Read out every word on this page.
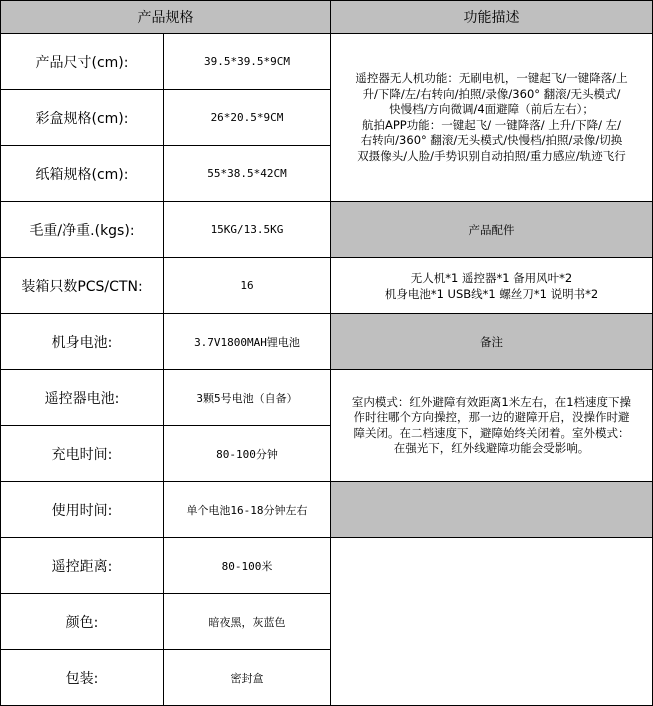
产品规格	功能描述
产品尺寸(cm):	39.5*39.5*9CM
彩盒规格(cm):	26*20.5*9CM
纸箱规格(cm):	55*38.5*42CM
毛重/净重.(kgs):	15KG/13.5KG
装箱只数PCS/CTN:	16
机身电池:	3.7V1800MAH锂电池
遥控器电池:	3颗5号电池（自备）
充电时间:	80-100分钟
使用时间:	单个电池16-18分钟左右
遥控距离:	80-100米
颜色:	暗夜黑，灰蓝色
包装:	密封盒
遥控器无人机功能：无刷电机，一键起飞/一键降落/上
升/下降/左/右转向/拍照/录像/360° 翻滚/无头模式/
快慢档/方向微调/4面避障（前后左右）；
航拍APP功能：一键起飞/ 一键降落/ 上升/下降/ 左/
右转向/360° 翻滚/无头模式/快慢档/拍照/录像/切换
双摄像头/人脸/手势识别自动拍照/重力感应/轨迹飞行
产品配件
无人机*1 遥控器*1 备用风叶*2
机身电池*1 USB线*1 螺丝刀*1 说明书*2
备注
室内模式：红外避障有效距离1米左右，在1档速度下操
作时往哪个方向操控，那一边的避障开启，没操作时避
障关闭。在二档速度下，避障始终关闭着。室外模式：
在强光下，红外线避障功能会受影响。
